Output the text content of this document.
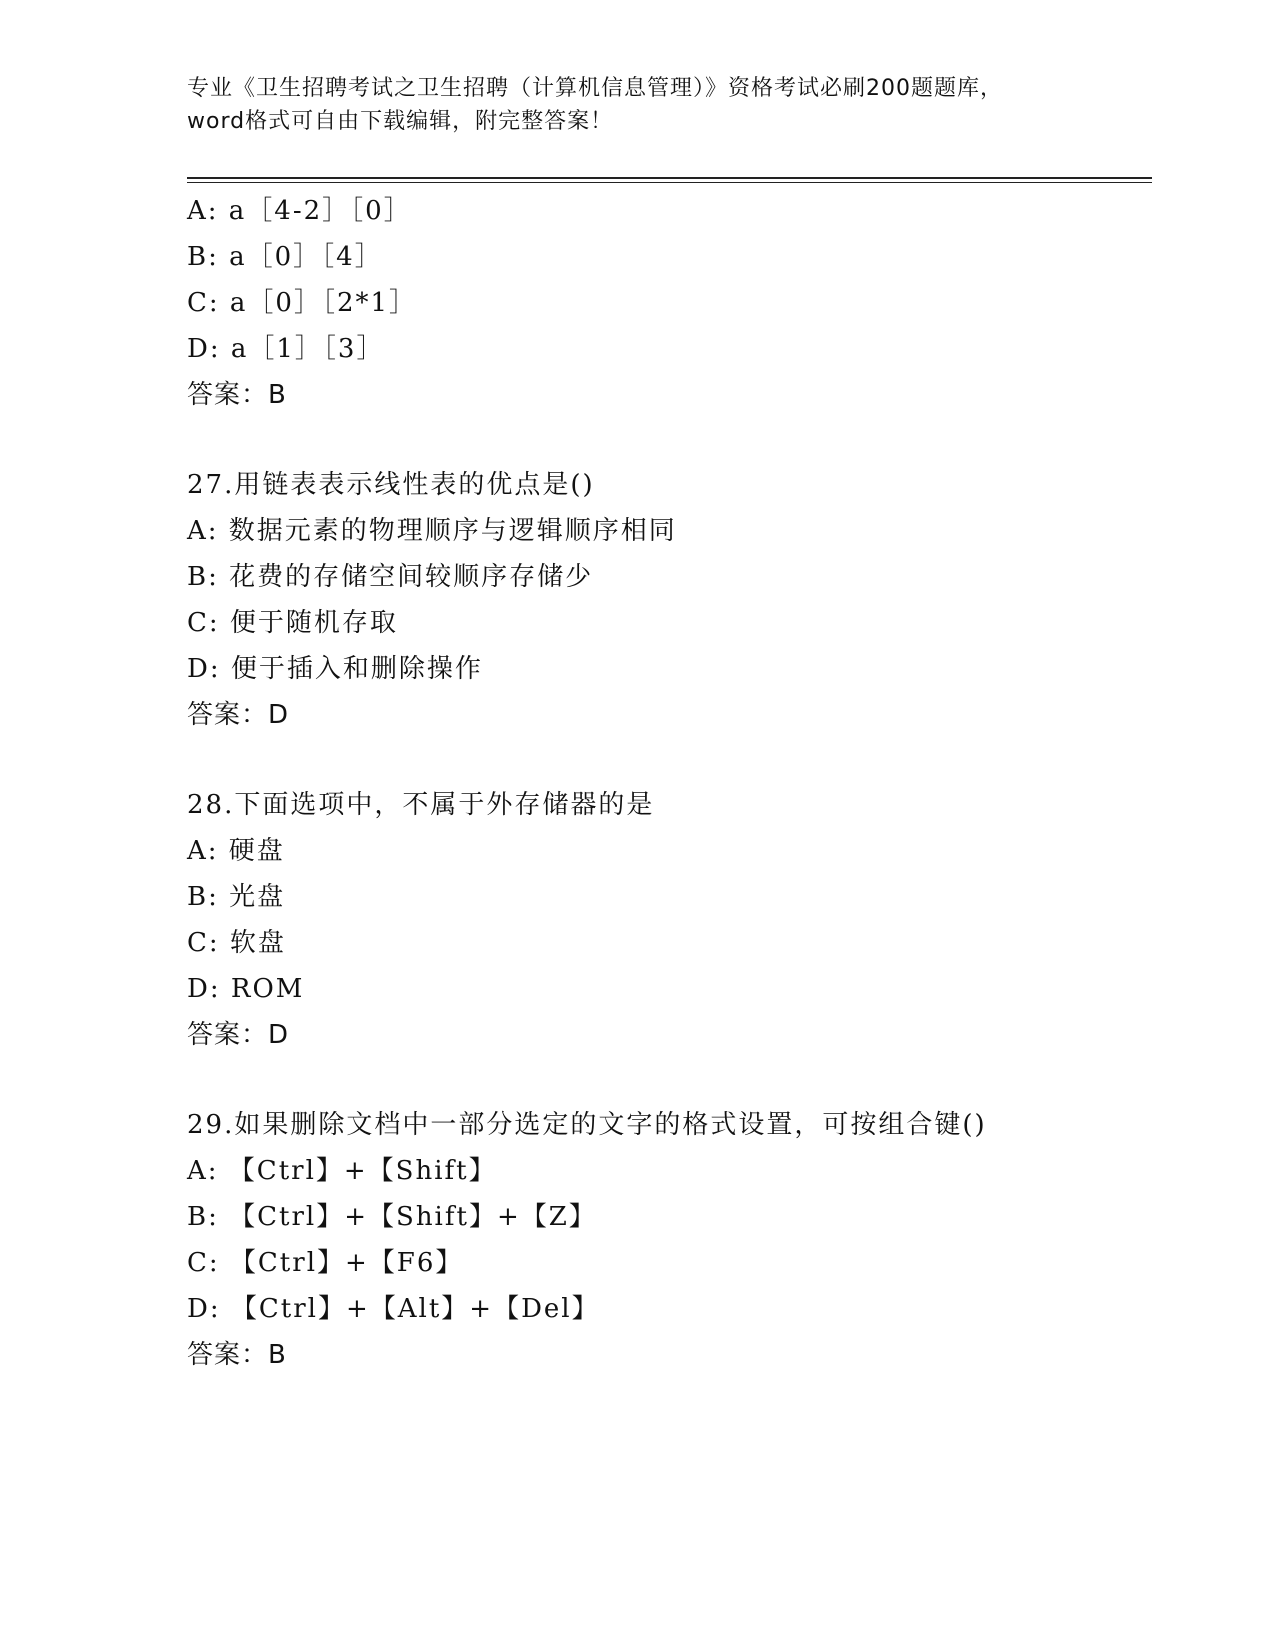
专业《卫生招聘考试之卫生招聘（计算机信息管理）》资格考试必刷200题题库，
word格式可自由下载编辑，附完整答案！
A: a［4-2］［0］
B: a［0］［4］
C: a［0］［2*1］
D: a［1］［3］
答案：B
27.用链表表示线性表的优点是()
A: 数据元素的物理顺序与逻辑顺序相同
B: 花费的存储空间较顺序存储少
C: 便于随机存取
D: 便于插入和删除操作
答案：D
28.下面选项中，不属于外存储器的是
A: 硬盘
B: 光盘
C: 软盘
D: ROM
答案：D
29.如果删除文档中一部分选定的文字的格式设置，可按组合键()
A: 【Ctrl】+【Shift】
B: 【Ctrl】+【Shift】+【Z】
C: 【Ctrl】+【F6】
D: 【Ctrl】+【Alt】+【Del】
答案：B
